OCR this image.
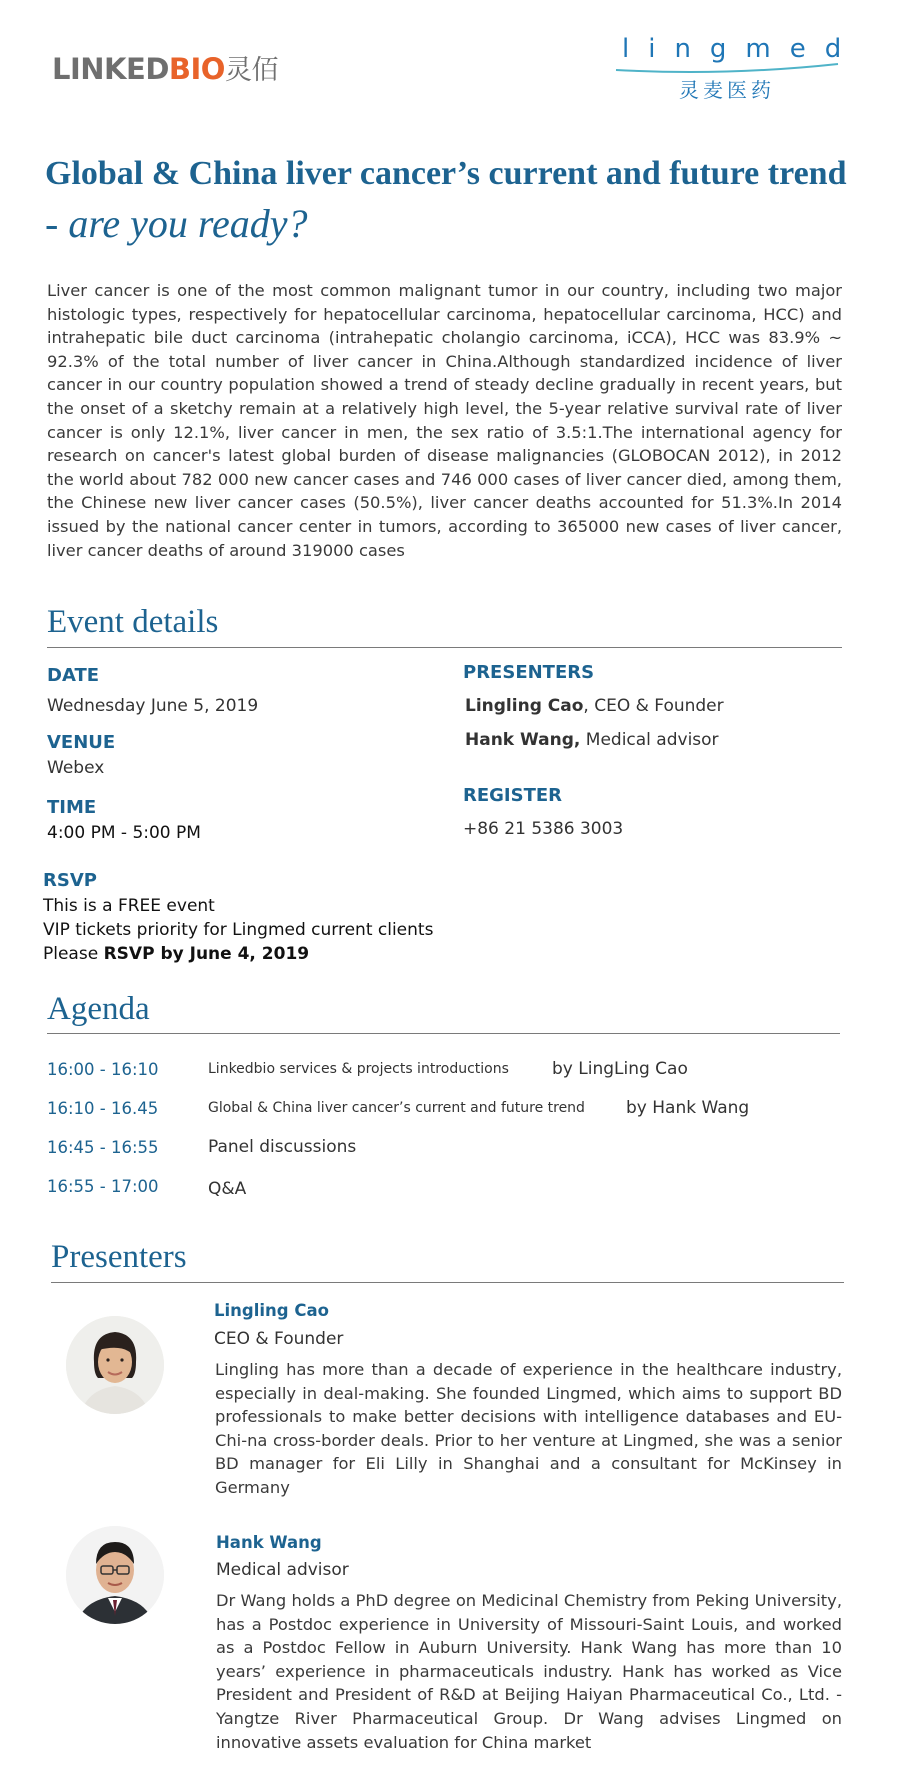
LINKEDBIO灵佰
lingmed
灵麦医药
Global & China liver cancer’s current and future trend
- are you ready?
Liver cancer is one of the most common malignant tumor in our country, including two major histologic types, respectively for hepatocellular carcinoma, hepatocellular carcinoma, HCC) and intrahepatic bile duct carcinoma (intrahepatic cholangio carcinoma, iCCA), HCC was 83.9% ~ 92.3% of the total number of liver cancer in China.Although standardized incidence of liver cancer in our country population showed a trend of steady decline gradually in recent years, but the onset of a sketchy remain at a relatively high level, the 5-year relative survival rate of liver cancer is only 12.1%, liver cancer in men, the sex ratio of 3.5:1.The international agency for research on cancer's latest global burden of disease malignancies (GLOBOCAN 2012), in 2012 the world about 782 000 new cancer cases and 746 000 cases of liver cancer died, among them, the Chinese new liver cancer cases (50.5%), liver cancer deaths accounted for 51.3%.In 2014 issued by the national cancer center in tumors, according to 365000 new cases of liver cancer, liver cancer deaths of around 319000 cases
Event details
DATE
Wednesday June 5, 2019
VENUE
Webex
TIME
4:00 PM - 5:00 PM
PRESENTERS
Lingling Cao, CEO & Founder
Hank Wang, Medical advisor
REGISTER
+86 21 5386 3003
RSVP
This is a FREE event
VIP tickets priority for Lingmed current clients
Please RSVP by June 4, 2019
Agenda
16:00 - 16:10	Linkedbio services & projects introductions	by LingLing Cao
16:10 - 16.45	Global & China liver cancer’s current and future trend by Hank Wang
16:45 - 16:55	Panel discussions
16:55 - 17:00	Q&A
Presenters
Lingling Cao
CEO & Founder
Lingling has more than a decade of experience in the healthcare industry, especially in deal-making. She founded Lingmed, which aims to support BD professionals to make better decisions with intelligence databases and EU-Chi-na cross-border deals. Prior to her venture at Lingmed, she was a senior BD manager for Eli Lilly in Shanghai and a consultant for McKinsey in Germany
Hank Wang
Medical advisor
Dr Wang holds a PhD degree on Medicinal Chemistry from Peking University, has a Postdoc experience in University of Missouri-Saint Louis, and worked as a Postdoc Fellow in Auburn University. Hank Wang has more than 10 years’ experience in pharmaceuticals industry. Hank has worked as Vice President and President of R&D at Beijing Haiyan Pharmaceutical Co., Ltd. - Yangtze River Pharmaceutical Group. Dr Wang advises Lingmed on innovative assets evaluation for China market
